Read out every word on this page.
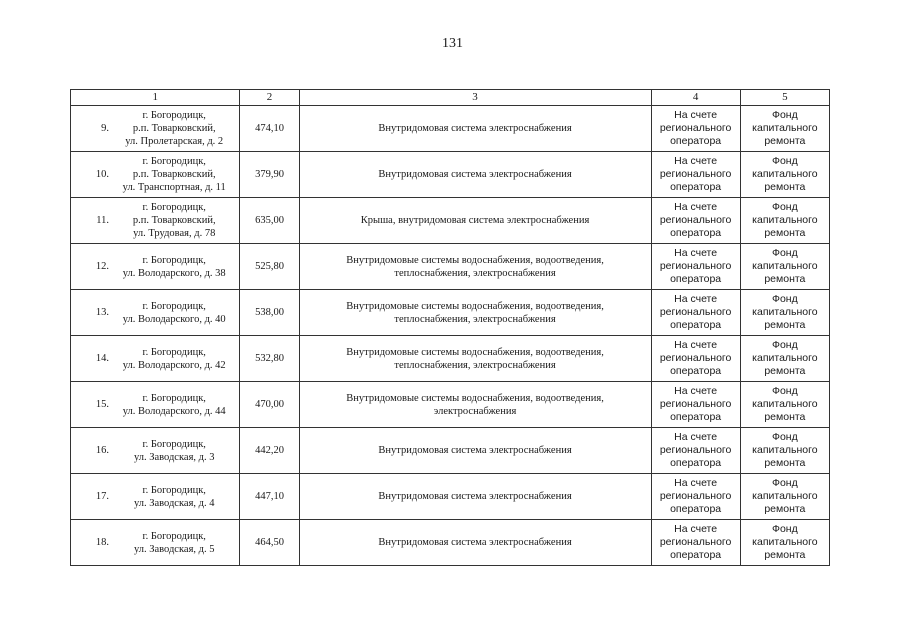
131
1	2	3	4	5

9.
г. Богородицк,
р.п. Товарковский,
ул. Пролетарская, д. 2	474,10	Внутридомовая система электроснабжения	На счете
регионального
оператора	Фонд
капитального
ремонта

10.
г. Богородицк,
р.п. Товарковский,
ул. Транспортная, д. 11	379,90	Внутридомовая система электроснабжения	На счете
регионального
оператора	Фонд
капитального
ремонта

11.
г. Богородицк,
р.п. Товарковский,
ул. Трудовая, д. 78	635,00	Крыша, внутридомовая система электроснабжения	На счете
регионального
оператора	Фонд
капитального
ремонта

12.
г. Богородицк,
ул. Володарского, д. 38	525,80	Внутридомовые системы водоснабжения, водоотведения,
теплоснабжения, электроснабжения	На счете
регионального
оператора	Фонд
капитального
ремонта

13.
г. Богородицк,
ул. Володарского, д. 40	538,00	Внутридомовые системы водоснабжения, водоотведения,
теплоснабжения, электроснабжения	На счете
регионального
оператора	Фонд
капитального
ремонта

14.
г. Богородицк,
ул. Володарского, д. 42	532,80	Внутридомовые системы водоснабжения, водоотведения,
теплоснабжения, электроснабжения	На счете
регионального
оператора	Фонд
капитального
ремонта

15.
г. Богородицк,
ул. Володарского, д. 44	470,00	Внутридомовые системы водоснабжения, водоотведения,
электроснабжения	На счете
регионального
оператора	Фонд
капитального
ремонта

16.
г. Богородицк,
ул. Заводская, д. 3	442,20	Внутридомовая система электроснабжения	На счете
регионального
оператора	Фонд
капитального
ремонта

17.
г. Богородицк,
ул. Заводская, д. 4	447,10	Внутридомовая система электроснабжения	На счете
регионального
оператора	Фонд
капитального
ремонта

18.
г. Богородицк,
ул. Заводская, д. 5	464,50	Внутридомовая система электроснабжения	На счете
регионального
оператора	Фонд
капитального
ремонта
